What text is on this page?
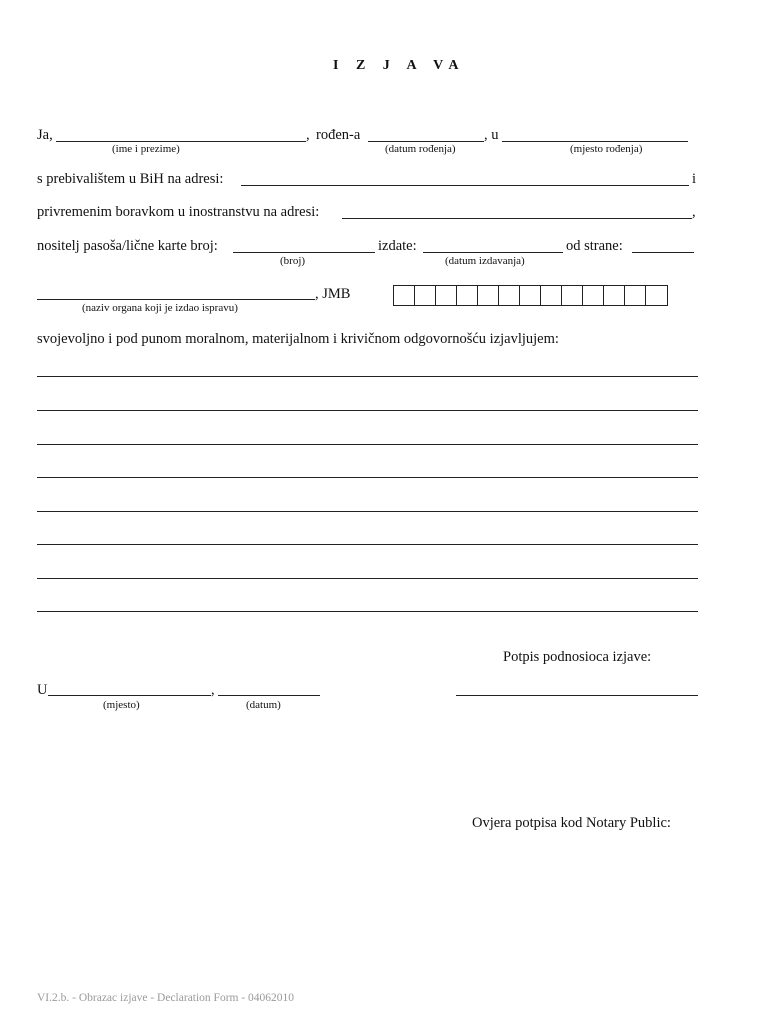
I Z J A VA
Ja,	, rođen-a	, u
(ime i prezime)	(datum rođenja)	(mjesto rođenja)
s prebivalištem u BiH na adresi:	i
privremenim boravkom u inostranstvu na adresi:	,
nositelj pasoša/lične karte broj:	izdate:	od strane:
(broj)	(datum izdavanja)
, JMB
(naziv organa koji je izdao ispravu)
svojevoljno i pod punom moralnom, materijalnom i krivičnom odgovornošću izjavljujem:
Potpis podnosioca izjave:
U	,
(mjesto)	(datum)
Ovjera potpisa kod Notary Public:
VI.2.b. - Obrazac izjave - Declaration Form - 04062010
